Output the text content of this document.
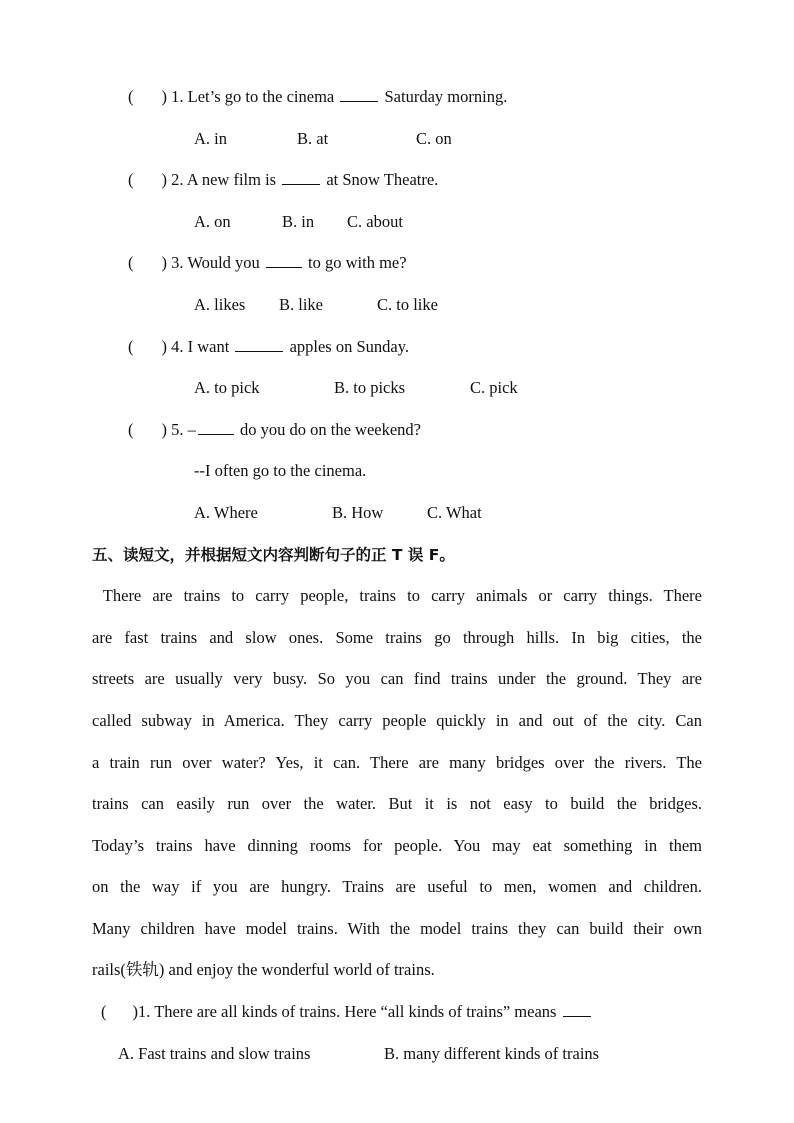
( ) 1. Let’s go to the cinema	Saturday morning.
A. in	B. at	C. on
( ) 2. A new film is	at Snow Theatre.
A. on	B. in C. about
( ) 3. Would you	to go with me?
A. likes B. like	C. to like
( ) 4. I want	apples on Sunday.
A. to pick	B. to picks	C. pick
( ) 5. –	do you do on the weekend?
--I often go to the cinema.
A. Where	B. How	C. What
五、读短文，并根据短文内容判断句子的正 T 误 F。
There are trains to carry people, trains to carry animals or carry things. There
are fast trains and slow ones. Some trains go through hills. In big cities, the
streets are usually very busy. So you can find trains under the ground. They are
called subway in America. They carry people quickly in and out of the city. Can
a train run over water? Yes, it can. There are many bridges over the rivers. The
trains can easily run over the water. But it is not easy to build the bridges.
Today’s trains have dinning rooms for people. You may eat something in them
on the way if you are hungry. Trains are useful to men, women and children.
Many children have model trains. With the model trains they can build their own
rails(铁轨) and enjoy the wonderful world of trains.
( )1. There are all kinds of trains. Here “all kinds of trains” means
A. Fast trains and slow trains	B. many different kinds of trains
